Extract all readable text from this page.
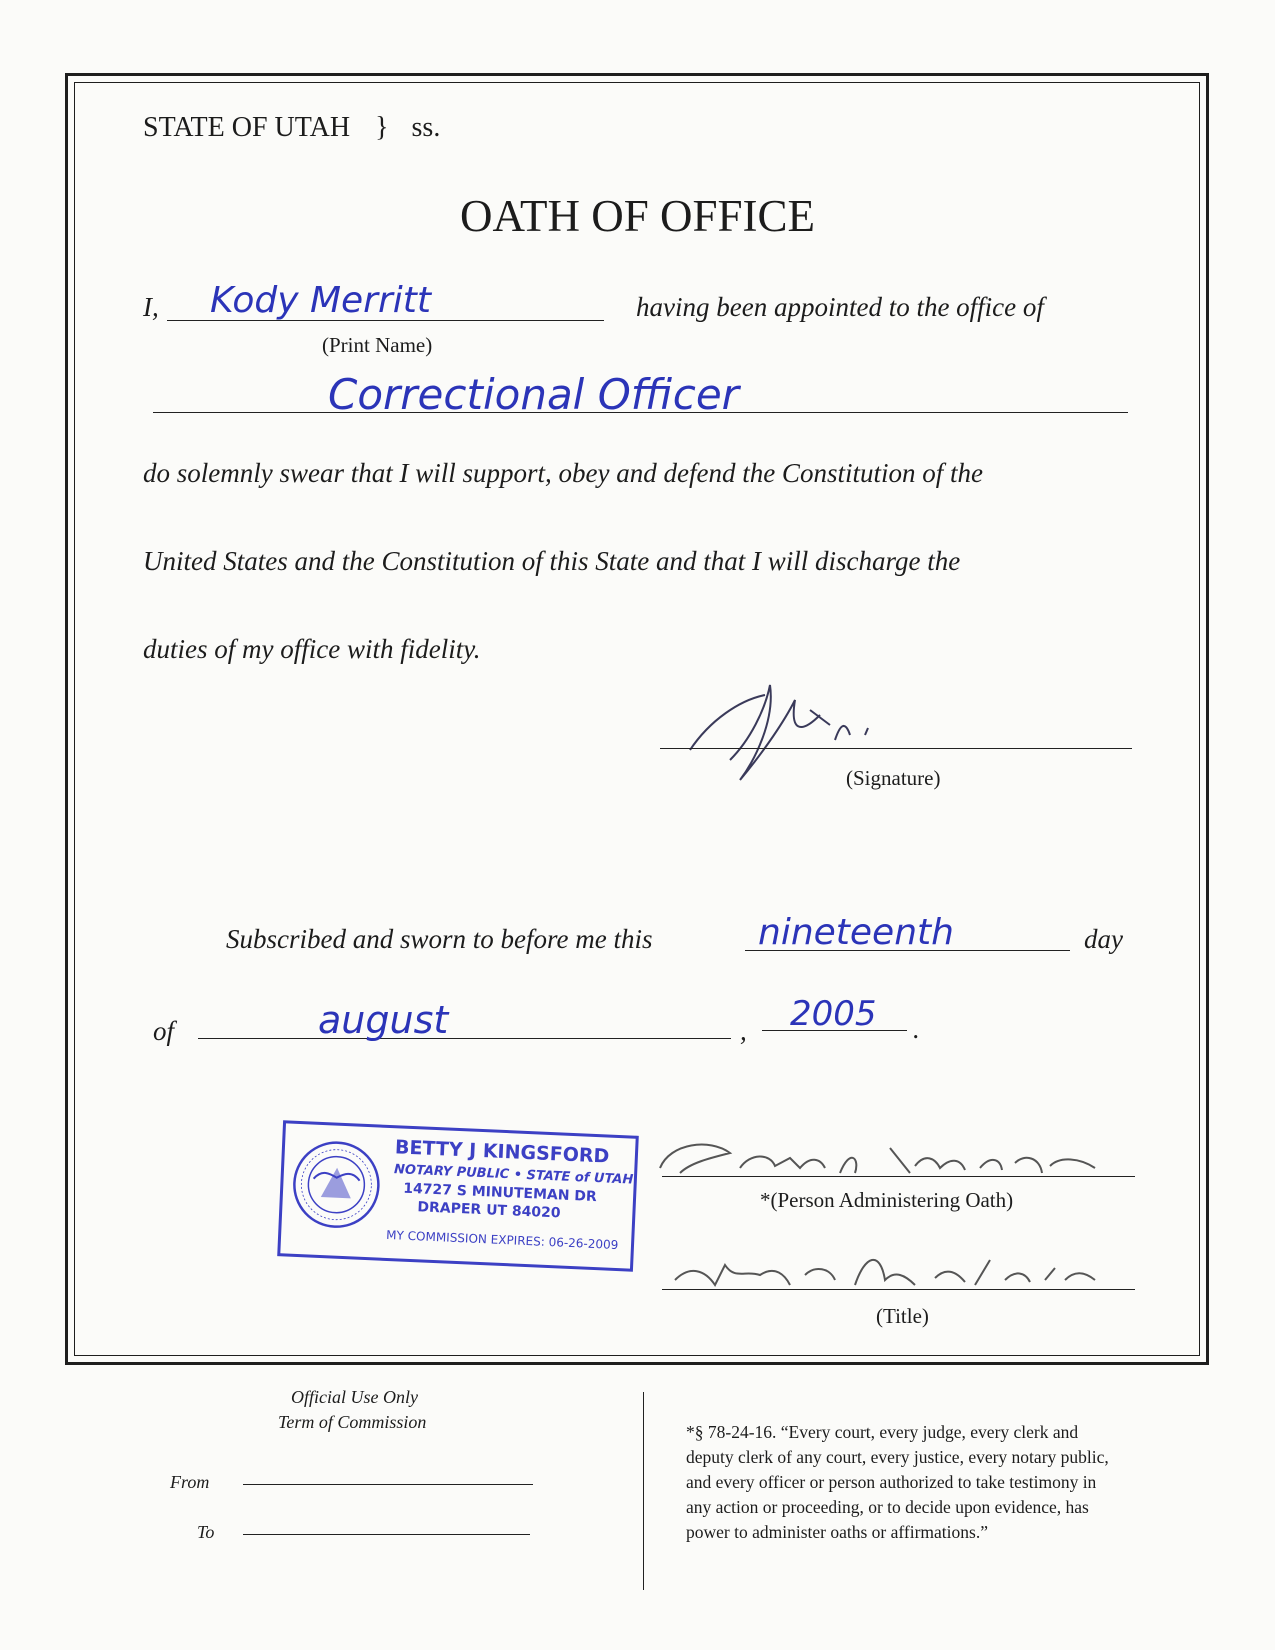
STATE OF UTAH } ss.
OATH OF OFFICE
I, Kody Merritt
(Print Name)
having been appointed to the office of
Correctional Officer
do solemnly swear that I will support, obey and defend the Constitution of the
United States and the Constitution of this State and that I will discharge the
duties of my office with fidelity.
(Signature)
Subscribed and sworn to before me this	nineteenth	day
of	august	, 2005 .
BETTY J KINGSFORD
NOTARY PUBLIC • STATE of UTAH
14727 S MINUTEMAN DR
DRAPER UT 84020
MY COMMISSION EXPIRES: 06-26-2009
*(Person Administering Oath)
(Title)
Official Use Only
Term of Commission
From
To
*§ 78-24-16. “Every court, every judge, every clerk and
deputy clerk of any court, every justice, every notary public,
and every officer or person authorized to take testimony in
any action or proceeding, or to decide upon evidence, has
power to administer oaths or affirmations.”
